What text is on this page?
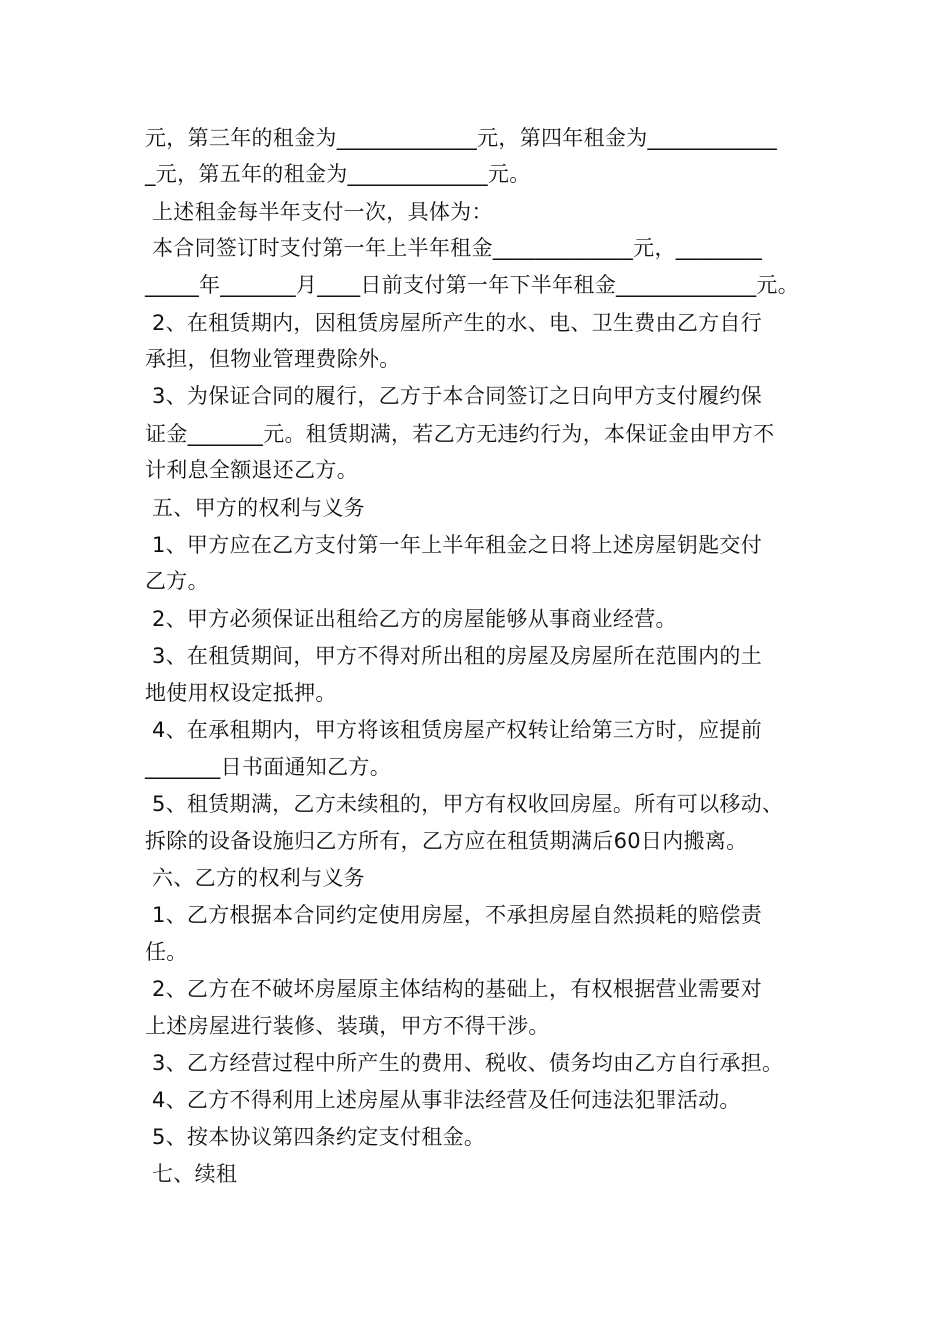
元，第三年的租金为_____________元，第四年租金为____________
_元，第五年的租金为_____________元。
上述租金每半年支付一次，具体为：
本合同签订时支付第一年上半年租金_____________元，________
_____年_______月____日前支付第一年下半年租金_____________元。
2、在租赁期内，因租赁房屋所产生的水、电、卫生费由乙方自行
承担，但物业管理费除外。
3、为保证合同的履行，乙方于本合同签订之日向甲方支付履约保
证金_______元。租赁期满，若乙方无违约行为，本保证金由甲方不
计利息全额退还乙方。
五、甲方的权利与义务
1、甲方应在乙方支付第一年上半年租金之日将上述房屋钥匙交付
乙方。
2、甲方必须保证出租给乙方的房屋能够从事商业经营。
3、在租赁期间，甲方不得对所出租的房屋及房屋所在范围内的土
地使用权设定抵押。
4、在承租期内，甲方将该租赁房屋产权转让给第三方时，应提前
_______日书面通知乙方。
5、租赁期满，乙方未续租的，甲方有权收回房屋。所有可以移动、
拆除的设备设施归乙方所有，乙方应在租赁期满后60日内搬离。
六、乙方的权利与义务
1、乙方根据本合同约定使用房屋，不承担房屋自然损耗的赔偿责
任。
2、乙方在不破坏房屋原主体结构的基础上，有权根据营业需要对
上述房屋进行装修、装璜，甲方不得干涉。
3、乙方经营过程中所产生的费用、税收、债务均由乙方自行承担。
4、乙方不得利用上述房屋从事非法经营及任何违法犯罪活动。
5、按本协议第四条约定支付租金。
七、续租
